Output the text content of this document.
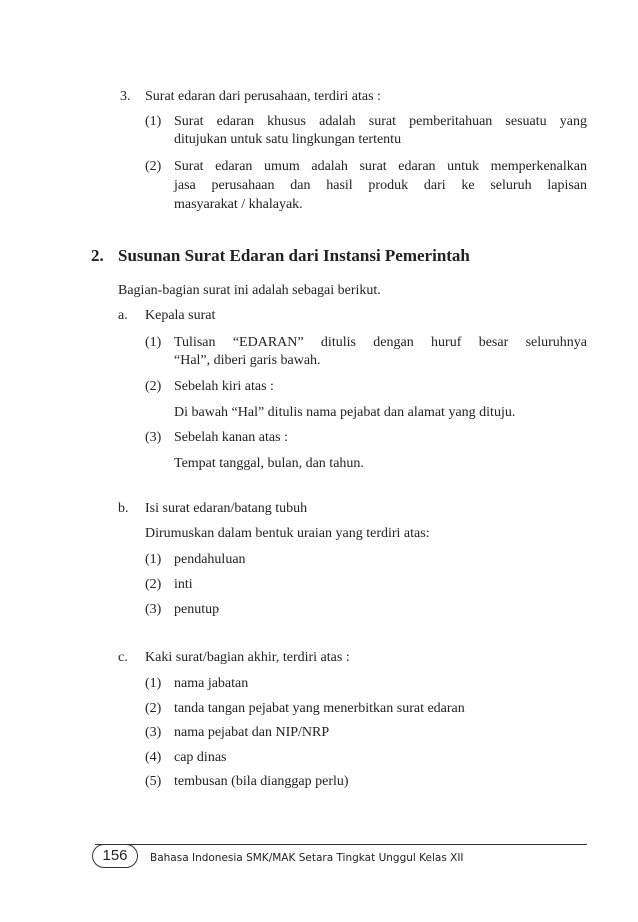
3. Surat edaran dari perusahaan, terdiri atas :
(1) Surat edaran khusus adalah surat pemberitahuan sesuatu yang
ditujukan untuk satu lingkungan tertentu
(2) Surat edaran umum adalah surat edaran untuk memperkenalkan
jasa perusahaan dan hasil produk dari ke seluruh lapisan
masyarakat / khalayak.
2. Susunan Surat Edaran dari Instansi Pemerintah
Bagian-bagian surat ini adalah sebagai berikut.
a. Kepala surat
(1) Tulisan “EDARAN” ditulis dengan huruf besar seluruhnya
“Hal”, diberi garis bawah.
(2) Sebelah kiri atas :
Di bawah “Hal” ditulis nama pejabat dan alamat yang dituju.
(3) Sebelah kanan atas :
Tempat tanggal, bulan, dan tahun.
b. Isi surat edaran/batang tubuh
Dirumuskan dalam bentuk uraian yang terdiri atas:
(1) pendahuluan
(2) inti
(3) penutup
c. Kaki surat/bagian akhir, terdiri atas :
(1) nama jabatan
(2) tanda tangan pejabat yang menerbitkan surat edaran
(3) nama pejabat dan NIP/NRP
(4) cap dinas
(5) tembusan (bila dianggap perlu)
156	Bahasa Indonesia SMK/MAK Setara Tingkat Unggul Kelas XII
